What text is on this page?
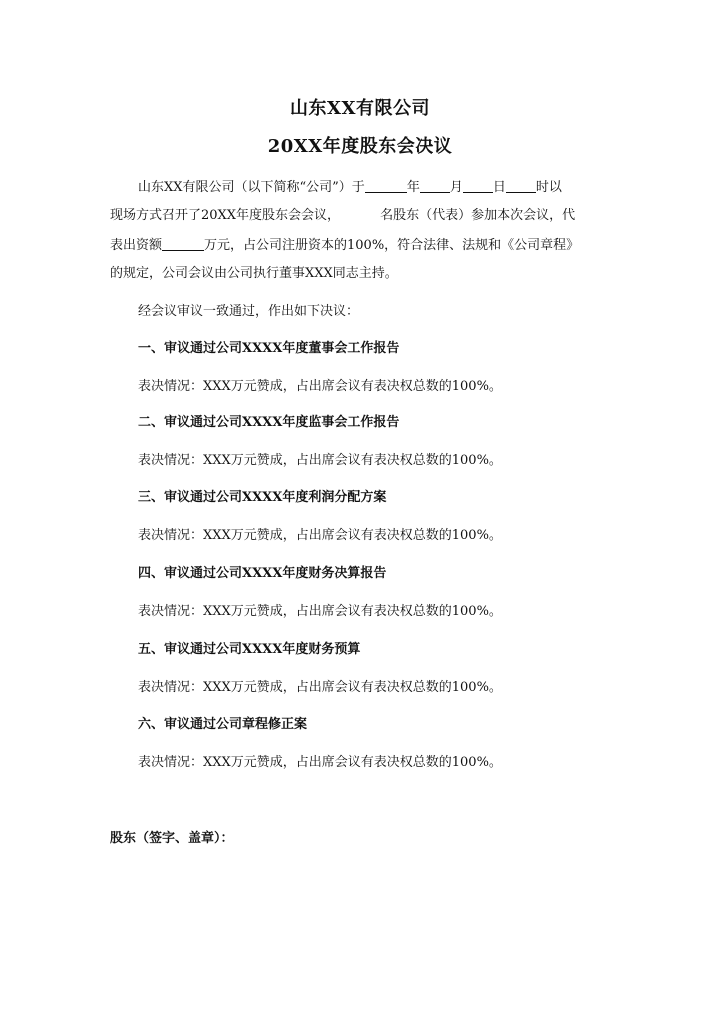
山东XX有限公司
20XX年度股东会决议
山东XX有限公司（以下简称“公司”）于	年 月 日 时以
现场方式召开了20XX年度股东会会议，	名股东（代表）参加本次会议，代
表出资额	万元，占公司注册资本的100%，符合法律、法规和《公司章程》
的规定，公司会议由公司执行董事XXX同志主持。
经会议审议一致通过，作出如下决议：
一、审议通过公司XXXX年度董事会工作报告
表决情况：XXX万元赞成，占出席会议有表决权总数的100%。
二、审议通过公司XXXX年度监事会工作报告
表决情况：XXX万元赞成，占出席会议有表决权总数的100%。
三、审议通过公司XXXX年度利润分配方案
表决情况：XXX万元赞成，占出席会议有表决权总数的100%。
四、审议通过公司XXXX年度财务决算报告
表决情况：XXX万元赞成，占出席会议有表决权总数的100%。
五、审议通过公司XXXX年度财务预算
表决情况：XXX万元赞成，占出席会议有表决权总数的100%。
六、审议通过公司章程修正案
表决情况：XXX万元赞成，占出席会议有表决权总数的100%。
股东（签字、盖章）：
